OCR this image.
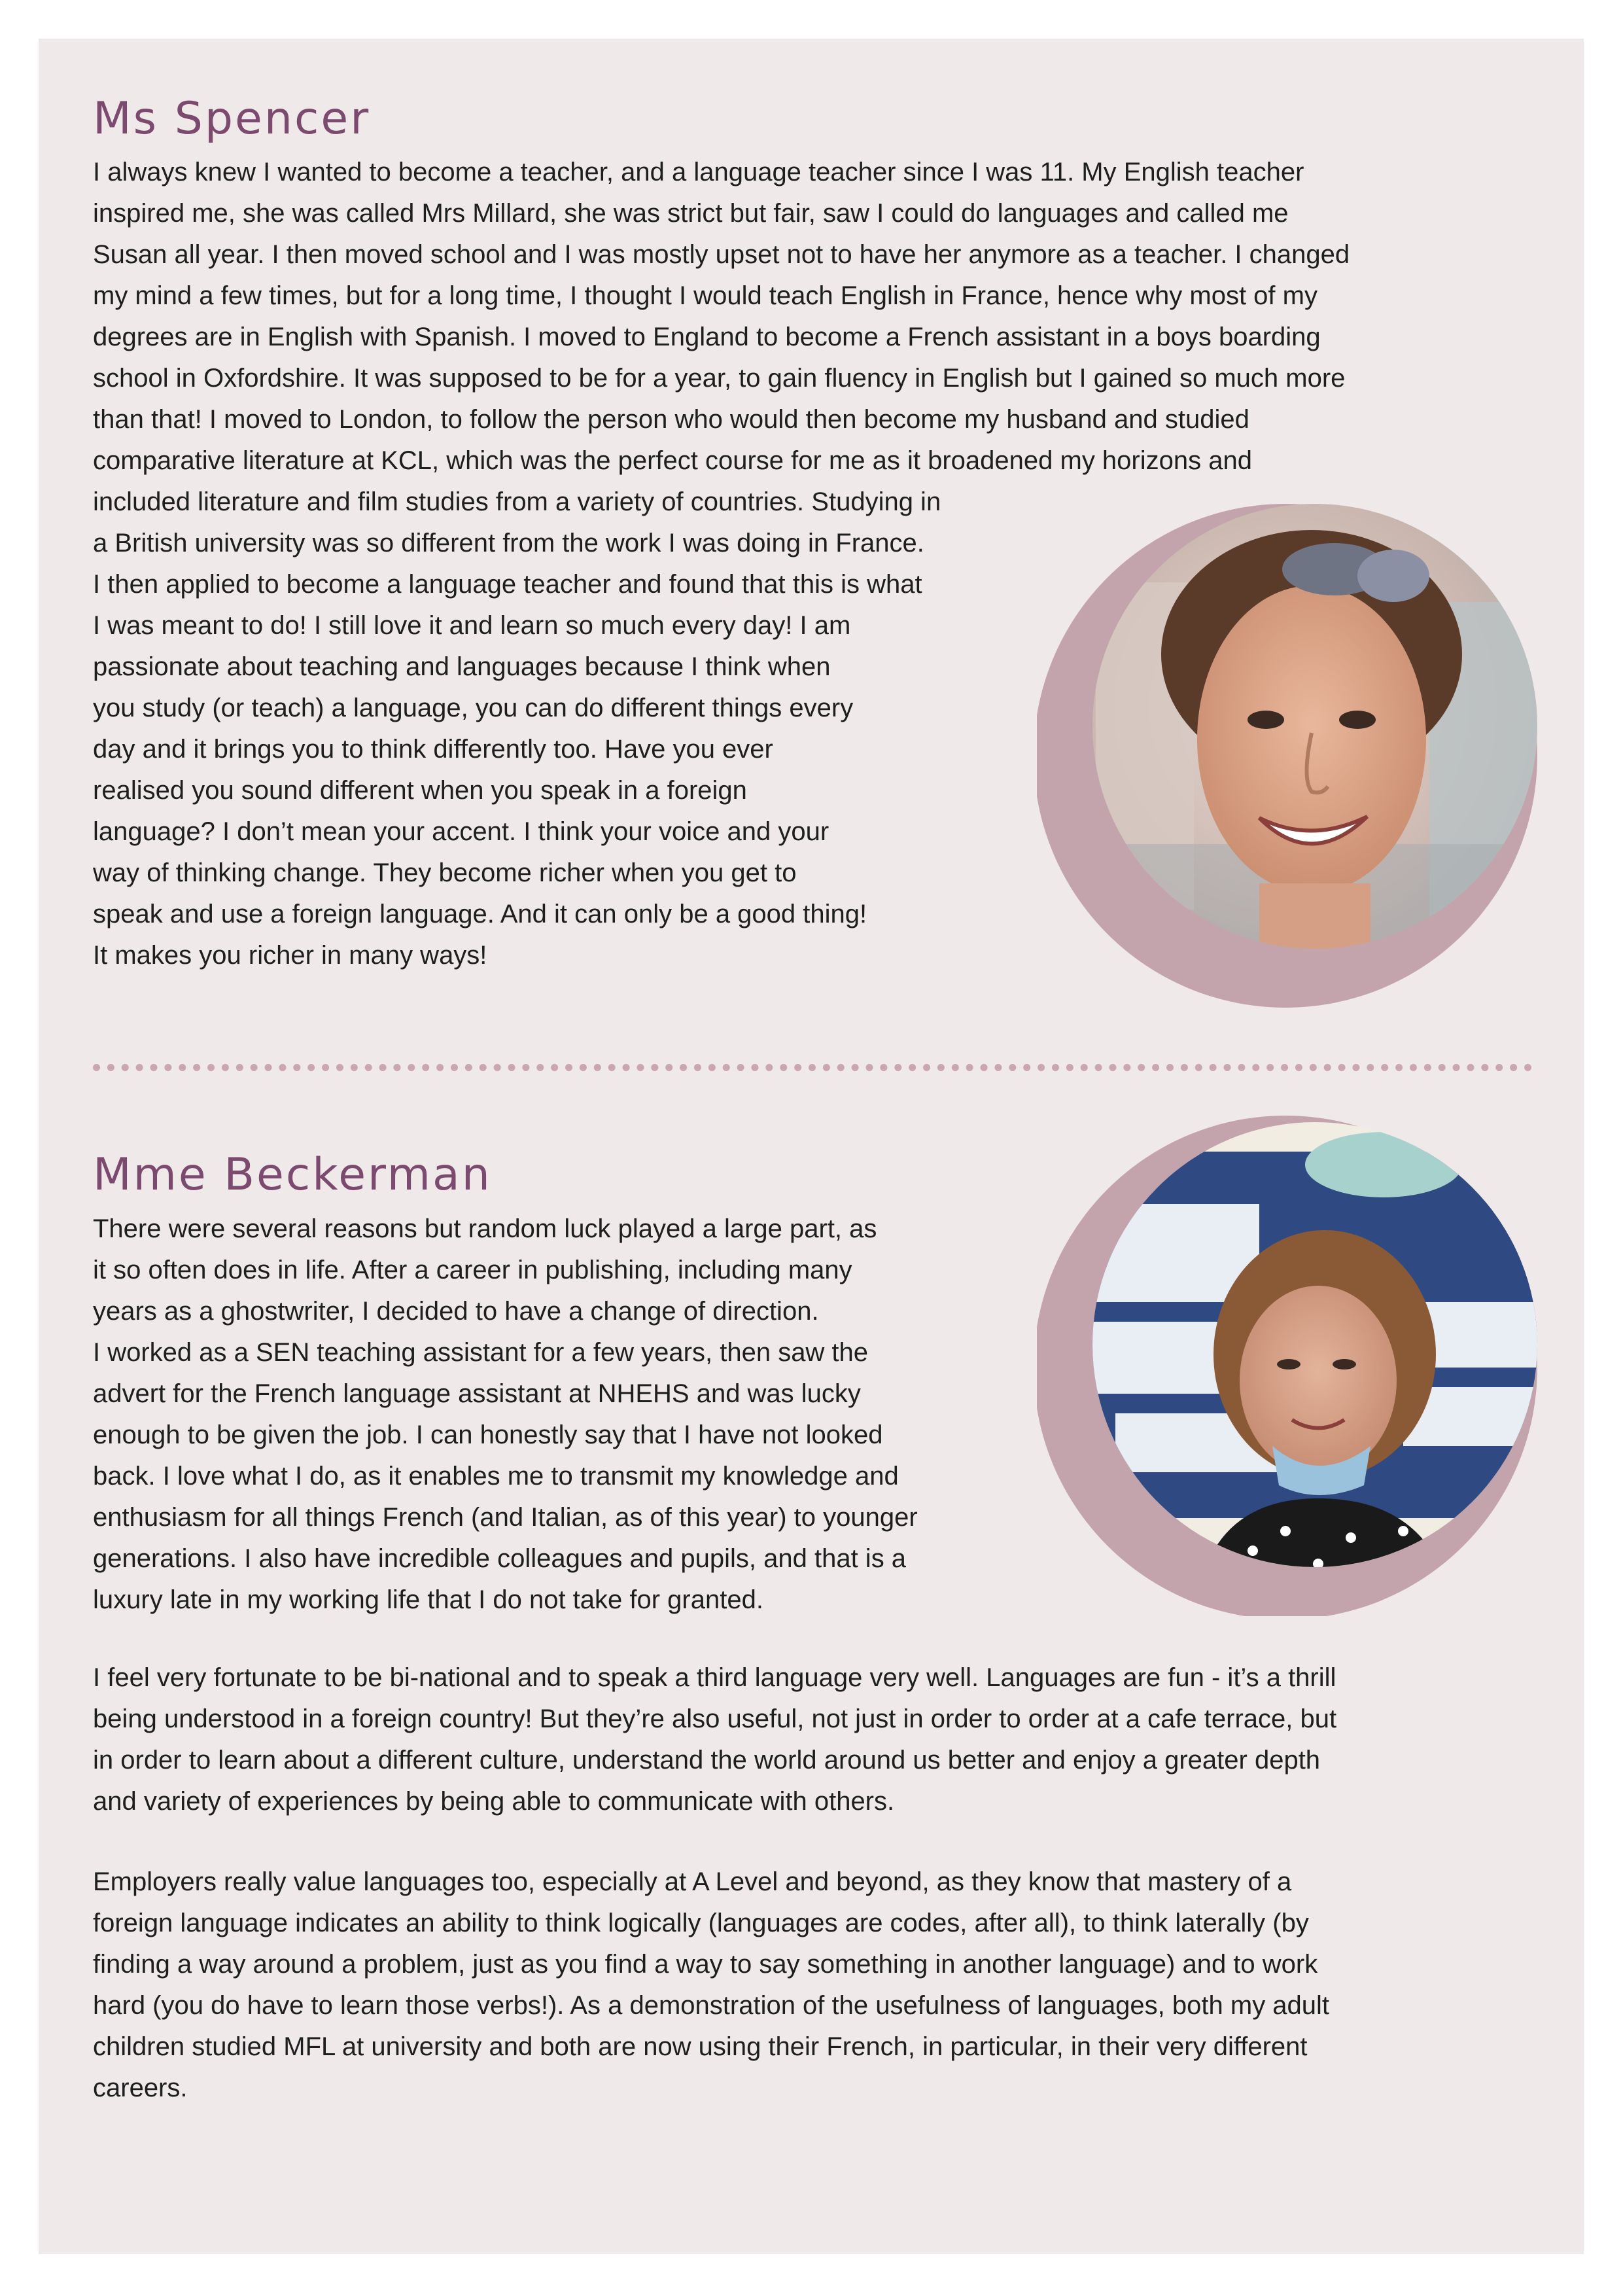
Ms Spencer
I always knew I wanted to become a teacher, and a language teacher since I was 11. My English teacher
inspired me, she was called Mrs Millard, she was strict but fair, saw I could do languages and called me
Susan all year. I then moved school and I was mostly upset not to have her anymore as a teacher. I changed
my mind a few times, but for a long time, I thought I would teach English in France, hence why most of my
degrees are in English with Spanish. I moved to England to become a French assistant in a boys boarding
school in Oxfordshire. It was supposed to be for a year, to gain fluency in English but I gained so much more
than that! I moved to London, to follow the person who would then become my husband and studied
comparative literature at KCL, which was the perfect course for me as it broadened my horizons and
included literature and film studies from a variety of countries. Studying in
a British university was so different from the work I was doing in France.
I then applied to become a language teacher and found that this is what
I was meant to do! I still love it and learn so much every day! I am
passionate about teaching and languages because I think when
you study (or teach) a language, you can do different things every
day and it brings you to think differently too. Have you ever
realised you sound different when you speak in a foreign
language? I don’t mean your accent. I think your voice and your
way of thinking change. They become richer when you get to
speak and use a foreign language. And it can only be a good thing!
It makes you richer in many ways!
Mme Beckerman
There were several reasons but random luck played a large part, as
it so often does in life. After a career in publishing, including many
years as a ghostwriter, I decided to have a change of direction.
I worked as a SEN teaching assistant for a few years, then saw the
advert for the French language assistant at NHEHS and was lucky
enough to be given the job. I can honestly say that I have not looked
back. I love what I do, as it enables me to transmit my knowledge and
enthusiasm for all things French (and Italian, as of this year) to younger
generations. I also have incredible colleagues and pupils, and that is a
luxury late in my working life that I do not take for granted.
I feel very fortunate to be bi-national and to speak a third language very well. Languages are fun - it’s a thrill
being understood in a foreign country! But they’re also useful, not just in order to order at a cafe terrace, but
in order to learn about a different culture, understand the world around us better and enjoy a greater depth
and variety of experiences by being able to communicate with others.
Employers really value languages too, especially at A Level and beyond, as they know that mastery of a
foreign language indicates an ability to think logically (languages are codes, after all), to think laterally (by
finding a way around a problem, just as you find a way to say something in another language) and to work
hard (you do have to learn those verbs!). As a demonstration of the usefulness of languages, both my adult
children studied MFL at university and both are now using their French, in particular, in their very different
careers.
